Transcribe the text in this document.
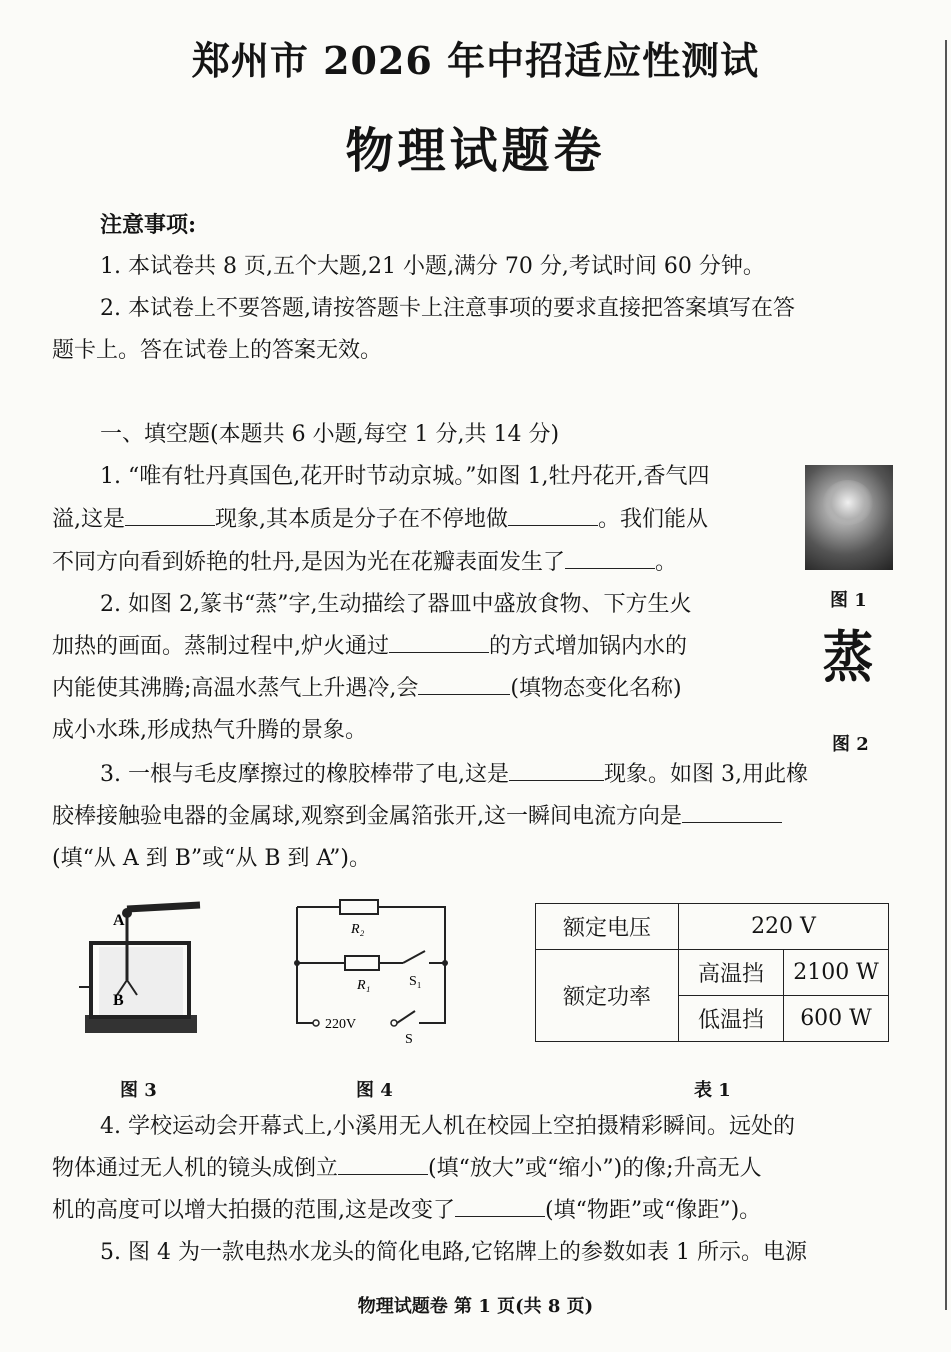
郑州市 2026 年中招适应性测试
物理试题卷
注意事项:
1. 本试卷共 8 页,五个大题,21 小题,满分 70 分,考试时间 60 分钟。
2. 本试卷上不要答题,请按答题卡上注意事项的要求直接把答案填写在答
题卡上。答在试卷上的答案无效。
一、填空题(本题共 6 小题,每空 1 分,共 14 分)
1. “唯有牡丹真国色,花开时节动京城。”如图 1,牡丹花开,香气四
溢,这是	现象,其本质是分子在不停地做	。我们能从
不同方向看到娇艳的牡丹,是因为光在花瓣表面发生了	。
图 1
2. 如图 2,篆书“蒸”字,生动描绘了器皿中盛放食物、下方生火
加热的画面。蒸制过程中,炉火通过	的方式增加锅内水的
内能使其沸腾;高温水蒸气上升遇冷,会	(填物态变化名称)
成小水珠,形成热气升腾的景象。
蒸
图 2
3. 一根与毛皮摩擦过的橡胶棒带了电,这是	现象。如图 3,用此橡
胶棒接触验电器的金属球,观察到金属箔张开,这一瞬间电流方向是
(填“从 A 到 B”或“从 B 到 A”)。
A
B
图 3
R₂
R₁	S₁
220V
S
图 4
额定电压	220 V	
额定功率	高温挡	2100 W
	低温挡	600 W
表 1
4. 学校运动会开幕式上,小溪用无人机在校园上空拍摄精彩瞬间。远处的
物体通过无人机的镜头成倒立	(填“放大”或“缩小”)的像;升高无人
机的高度可以增大拍摄的范围,这是改变了	(填“物距”或“像距”)。
5. 图 4 为一款电热水龙头的简化电路,它铭牌上的参数如表 1 所示。电源
物理试题卷 第 1 页(共 8 页)
